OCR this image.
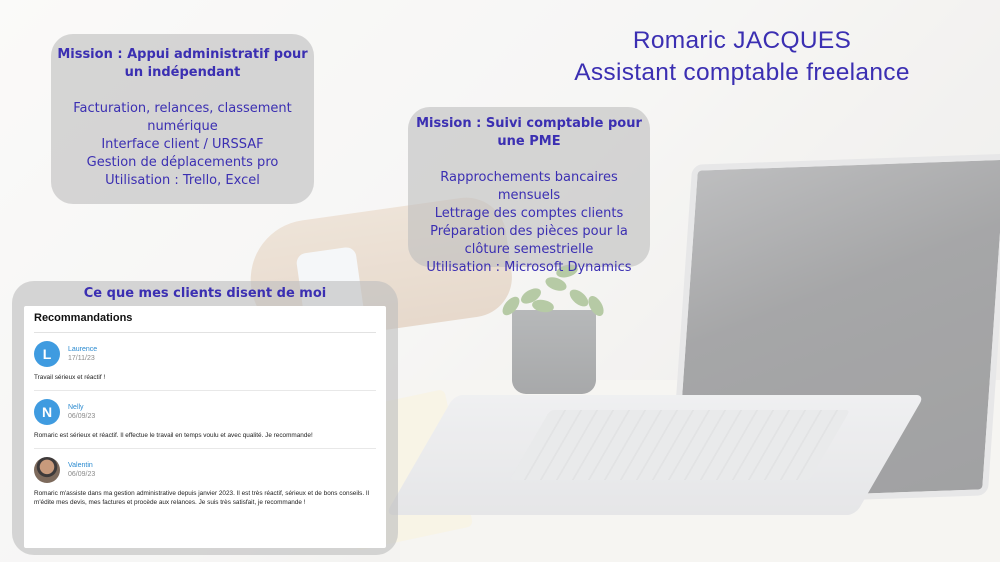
Romaric JACQUES
Assistant comptable freelance
Mission : Appui administratif pour un indépendant
Facturation, relances, classement numérique
Interface client / URSSAF
Gestion de déplacements pro
Utilisation : Trello, Excel
Mission : Suivi comptable pour une PME
Rapprochements bancaires mensuels
Lettrage des comptes clients
Préparation des pièces pour la clôture semestrielle
Utilisation : Microsoft Dynamics
Ce que mes clients disent de moi
Recommandations
L	Laurence
17/11/23
Travail sérieux et réactif !
N	Nelly
06/09/23
Romaric est sérieux et réactif. Il effectue le travail en temps voulu et avec qualité. Je recommande!
Valentin
06/09/23
Romaric m'assiste dans ma gestion administrative depuis janvier 2023. Il est très réactif, sérieux et de bons conseils. Il m'édite mes devis, mes factures et procède aux relances. Je suis très satisfait, je recommande !
